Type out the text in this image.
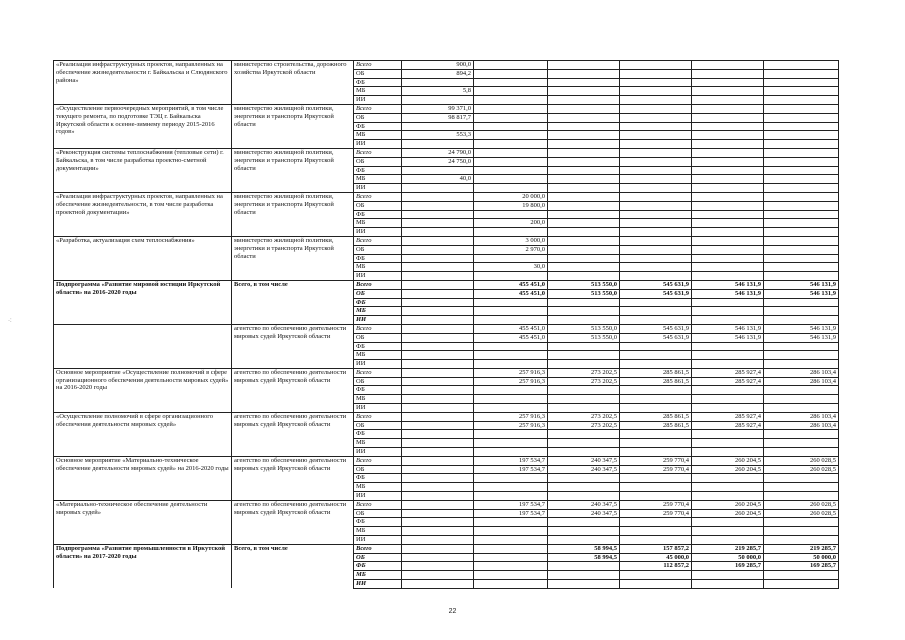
«Реализация инфраструктурных проектов, направленных на обеспечение жизнедеятельности г. Байкальска и Слюдянского района»	министерство строительства, дорожного хозяйства Иркутской области	Всего	900,0					
		ОБ	894,2					
		ФБ						
		МБ	5,8					
		ИИ						
«Осуществление первоочередных мероприятий, в том числе текущего ремонта, по подготовке ТЭЦ г. Байкальска Иркутской области к осенне-зимнему периоду 2015-2016 годов»	министерство жилищной политики, энергетики и транспорта Иркутской области	Всего	99 371,0					
		ОБ	98 817,7					
		ФБ						
		МБ	553,3					
		ИИ						
«Реконструкция системы теплоснабжения (тепловые сети) г. Байкальска, в том числе разработка проектно-сметной документации»	министерство жилищной политики, энергетики и транспорта Иркутской области	Всего	24 790,0					
		ОБ	24 750,0					
		ФБ						
		МБ	40,0					
		ИИ						
«Реализация инфраструктурных проектов, направленных на обеспечение жизнедеятельности, в том числе разработка проектной документации»	министерство жилищной политики, энергетики и транспорта Иркутской области	Всего		20 000,0				
		ОБ		19 800,0				
		ФБ						
		МБ		200,0				
		ИИ						
«Разработка, актуализация схем теплоснабжения»	министерство жилищной политики, энергетики и транспорта Иркутской области	Всего		3 000,0				
		ОБ		2 970,0				
		ФБ						
		МБ		30,0				
		ИИ						
Подпрограмма «Развитие мировой юстиции Иркутской области» на 2016-2020 годы	Всего, в том числе	Всего		455 451,0	513 550,0	545 631,9	546 131,9	546 131,9
		ОБ		455 451,0	513 550,0	545 631,9	546 131,9	546 131,9
		ФБ						
		МБ						
		ИИ						
	агентство по обеспечению деятельности мировых судей Иркутской области	Всего		455 451,0	513 550,0	545 631,9	546 131,9	546 131,9
		ОБ		455 451,0	513 550,0	545 631,9	546 131,9	546 131,9
		ФБ						
		МБ						
		ИИ						
Основное мероприятие «Осуществление полномочий в сфере организационного обеспечения деятельности мировых судей» на 2016-2020 годы	агентство по обеспечению деятельности мировых судей Иркутской области	Всего		257 916,3	273 202,5	285 861,5	285 927,4	286 103,4
		ОБ		257 916,3	273 202,5	285 861,5	285 927,4	286 103,4
		ФБ						
		МБ						
		ИИ						
«Осуществление полномочий в сфере организационного обеспечения деятельности мировых судей»	агентство по обеспечению деятельности мировых судей Иркутской области	Всего		257 916,3	273 202,5	285 861,5	285 927,4	286 103,4
		ОБ		257 916,3	273 202,5	285 861,5	285 927,4	286 103,4
		ФБ						
		МБ						
		ИИ						
Основное мероприятие «Материально-техническое обеспечение деятельности мировых судей» на 2016-2020 годы	агентство по обеспечению деятельности мировых судей Иркутской области	Всего		197 534,7	240 347,5	259 770,4	260 204,5	260 028,5
		ОБ		197 534,7	240 347,5	259 770,4	260 204,5	260 028,5
		ФБ						
		МБ						
		ИИ						
«Материально-техническое обеспечение деятельности мировых судей»	агентство по обеспечению деятельности мировых судей Иркутской области	Всего		197 534,7	240 347,5	259 770,4	260 204,5	260 028,5
		ОБ		197 534,7	240 347,5	259 770,4	260 204,5	260 028,5
		ФБ						
		МБ						
		ИИ						
Подпрограмма «Развитие промышленности в Иркутской области» на 2017-2020 годы	Всего, в том числе	Всего			58 994,5	157 857,2	219 285,7	219 285,7
		ОБ			58 994,5	45 000,0	50 000,0	50 000,0
		ФБ				112 857,2	169 285,7	169 285,7
		МБ						
		ИИ						
·:
22
